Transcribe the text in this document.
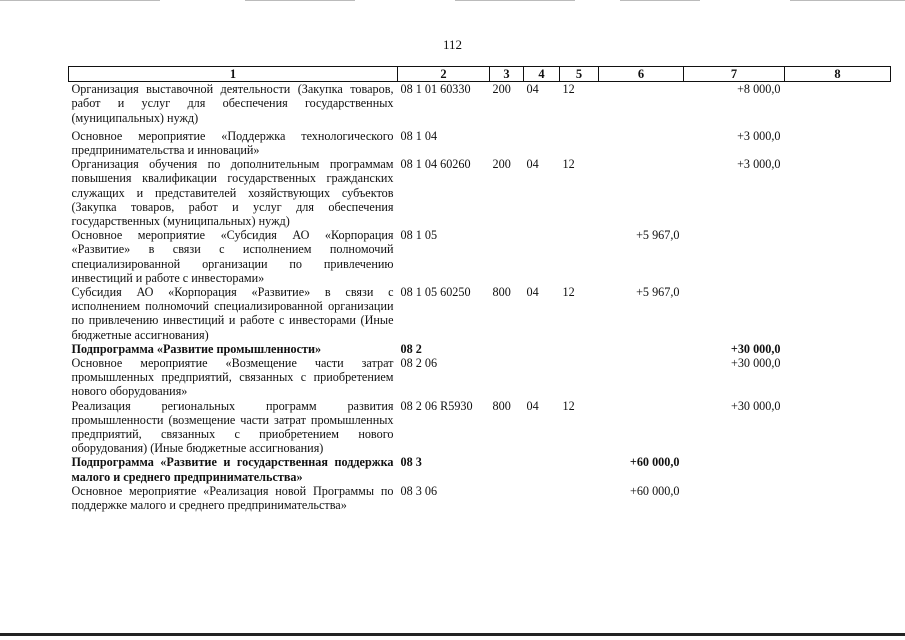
112
1	2	3	4	5	6	7	8
Организация выставочной деятельности (Закупка товаров, работ и услуг для обеспечения государственных (муниципальных) нужд)	08 1 01 60330	200	04	12		+8 000,0	
Основное мероприятие «Поддержка технологического предпринимательства и инноваций»	08 1 04					+3 000,0	
Организация обучения по дополнительным программам повышения квалификации государственных гражданских служащих и представителей хозяйствующих субъектов (Закупка товаров, работ и услуг для обеспечения государственных (муниципальных) нужд)	08 1 04 60260	200	04	12		+3 000,0	
Основное мероприятие «Субсидия АО «Корпорация «Развитие» в связи с исполнением полномочий специализированной организации по привлечению инвестиций и работе с инвесторами»	08 1 05				+5 967,0		
Субсидия АО «Корпорация «Развитие» в связи с исполнением полномочий специализированной организации по привлечению инвестиций и работе с инвесторами (Иные бюджетные ассигнования)	08 1 05 60250	800	04	12	+5 967,0		
Подпрограмма «Развитие промышленности»	08 2					+30 000,0	
Основное мероприятие «Возмещение части затрат промышленных предприятий, связанных с приобретением нового оборудования»	08 2 06					+30 000,0	
Реализация региональных программ развития промышленности (возмещение части затрат промышленных предприятий, связанных с приобретением нового оборудования) (Иные бюджетные ассигнования)	08 2 06 R5930	800	04	12		+30 000,0	
Подпрограмма «Развитие и государственная поддержка малого и среднего предпринимательства»	08 3				+60 000,0		
Основное мероприятие «Реализация новой Программы по поддержке малого и среднего предпринимательства»	08 3 06				+60 000,0		
